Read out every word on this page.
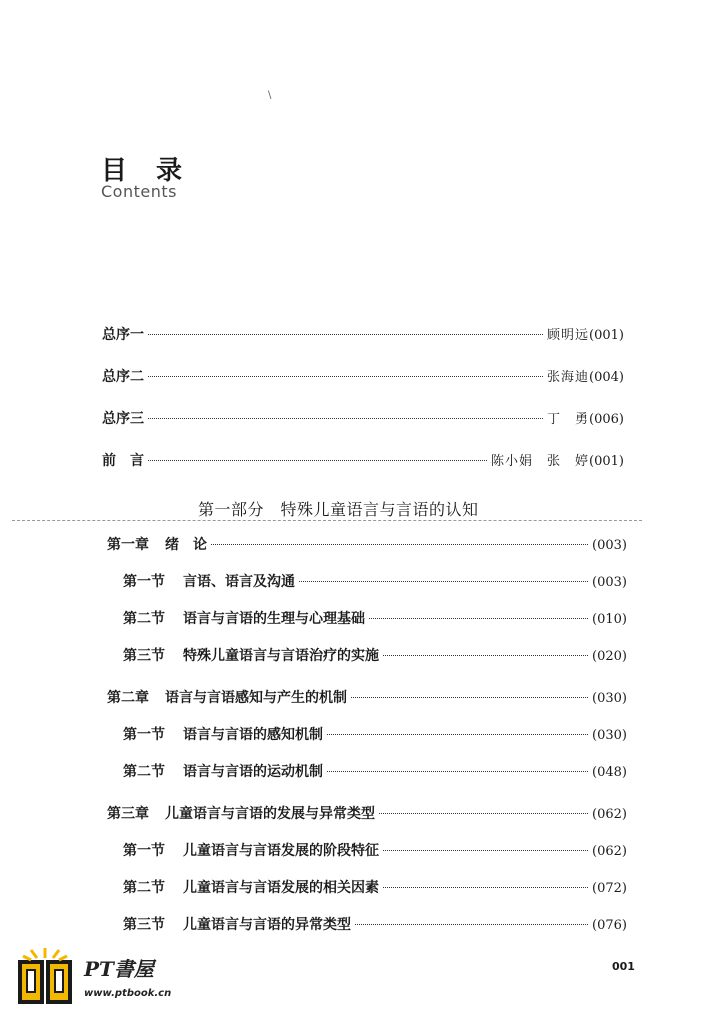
\
目 录
Contents
总序一	顾明远 (001)
总序二	张海迪 (004)
总序三	丁　勇 (006)
前　言	陈小娟　张　婷 (001)
第一部分　特殊儿童语言与言语的认知
第一章 绪　论	(003)
第一节 言语、语言及沟通	(003)
第二节 语言与言语的生理与心理基础	(010)
第三节 特殊儿童语言与言语治疗的实施	(020)
第二章 语言与言语感知与产生的机制	(030)
第一节 语言与言语的感知机制	(030)
第二节 语言与言语的运动机制	(048)
第三章 儿童语言与言语的发展与异常类型	(062)
第一节 儿童语言与言语发展的阶段特征	(062)
第二节 儿童语言与言语发展的相关因素	(072)
第三节 儿童语言与言语的异常类型	(076)
001
PT書屋
www.ptbook.cn
